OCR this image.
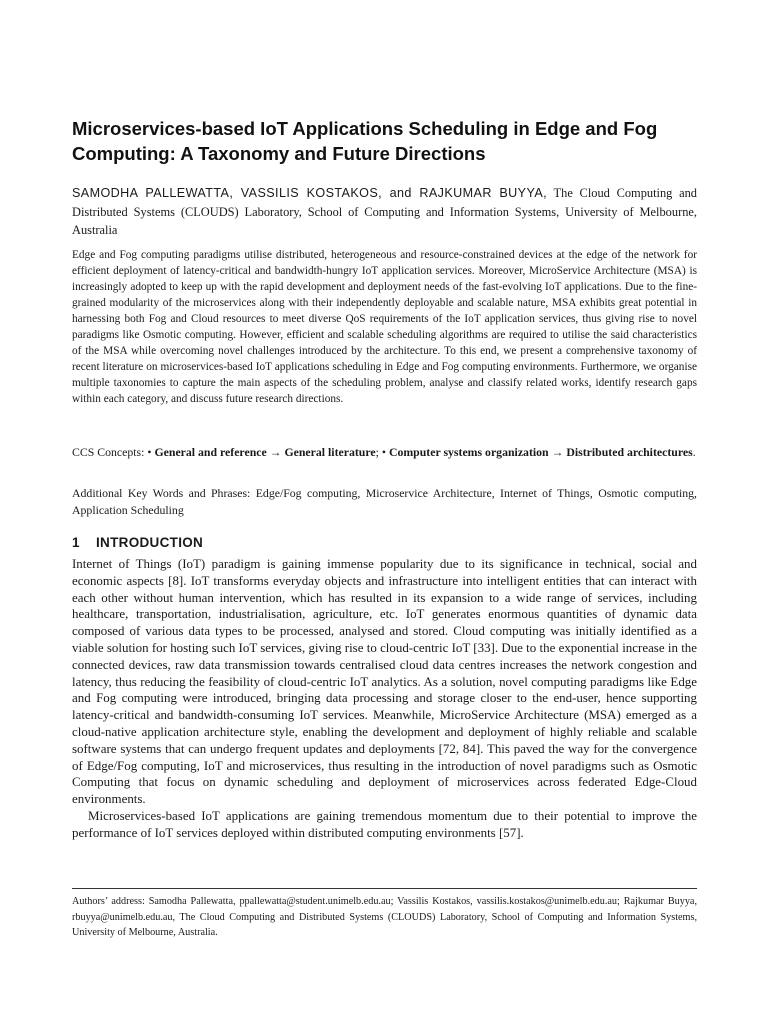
Microservices-based IoT Applications Scheduling in Edge and Fog Computing: A Taxonomy and Future Directions

SAMODHA PALLEWATTA, VASSILIS KOSTAKOS, and RAJKUMAR BUYYA, The Cloud Computing and Distributed Systems (CLOUDS) Laboratory, School of Computing and Information Systems, University of Melbourne, Australia

Edge and Fog computing paradigms utilise distributed, heterogeneous and resource-constrained devices at the edge of the network for efficient deployment of latency-critical and bandwidth-hungry IoT application services. Moreover, MicroService Architecture (MSA) is increasingly adopted to keep up with the rapid development and deployment needs of the fast-evolving IoT applications. Due to the fine-grained modularity of the microservices along with their independently deployable and scalable nature, MSA exhibits great potential in harnessing both Fog and Cloud resources to meet diverse QoS requirements of the IoT application services, thus giving rise to novel paradigms like Osmotic computing. However, efficient and scalable scheduling algorithms are required to utilise the said characteristics of the MSA while overcoming novel challenges introduced by the architecture. To this end, we present a comprehensive taxonomy of recent literature on microservices-based IoT applications scheduling in Edge and Fog computing environments. Furthermore, we organise multiple taxonomies to capture the main aspects of the scheduling problem, analyse and classify related works, identify research gaps within each category, and discuss future research directions.

CCS Concepts: • General and reference → General literature; • Computer systems organization → Distributed architectures.

Additional Key Words and Phrases: Edge/Fog computing, Microservice Architecture, Internet of Things, Osmotic computing, Application Scheduling

1 INTRODUCTION

Internet of Things (IoT) paradigm is gaining immense popularity due to its significance in technical, social and economic aspects [8]. IoT transforms everyday objects and infrastructure into intelligent entities that can interact with each other without human intervention, which has resulted in its expansion to a wide range of services, including healthcare, transportation, industrialisation, agriculture, etc. IoT generates enormous quantities of dynamic data composed of various data types to be processed, analysed and stored. Cloud computing was initially identified as a viable solution for hosting such IoT services, giving rise to cloud-centric IoT [33]. Due to the exponential increase in the connected devices, raw data transmission towards centralised cloud data centres increases the network congestion and latency, thus reducing the feasibility of cloud-centric IoT analytics. As a solution, novel computing paradigms like Edge and Fog computing were introduced, bringing data processing and storage closer to the end-user, hence supporting latency-critical and bandwidth-consuming IoT services. Meanwhile, MicroService Architecture (MSA) emerged as a cloud-native application architecture style, enabling the development and deployment of highly reliable and scalable software systems that can undergo frequent updates and deployments [72, 84]. This paved the way for the convergence of Edge/Fog computing, IoT and microservices, thus resulting in the introduction of novel paradigms such as Osmotic Computing that focus on dynamic scheduling and deployment of microservices across federated Edge-Cloud environments.

Microservices-based IoT applications are gaining tremendous momentum due to their potential to improve the performance of IoT services deployed within distributed computing environments [57].

Authors’ address: Samodha Pallewatta, ppallewatta@student.unimelb.edu.au; Vassilis Kostakos, vassilis.kostakos@unimelb.edu.au; Rajkumar Buyya, rbuyya@unimelb.edu.au, The Cloud Computing and Distributed Systems (CLOUDS) Laboratory, School of Computing and Information Systems, University of Melbourne, Australia.
